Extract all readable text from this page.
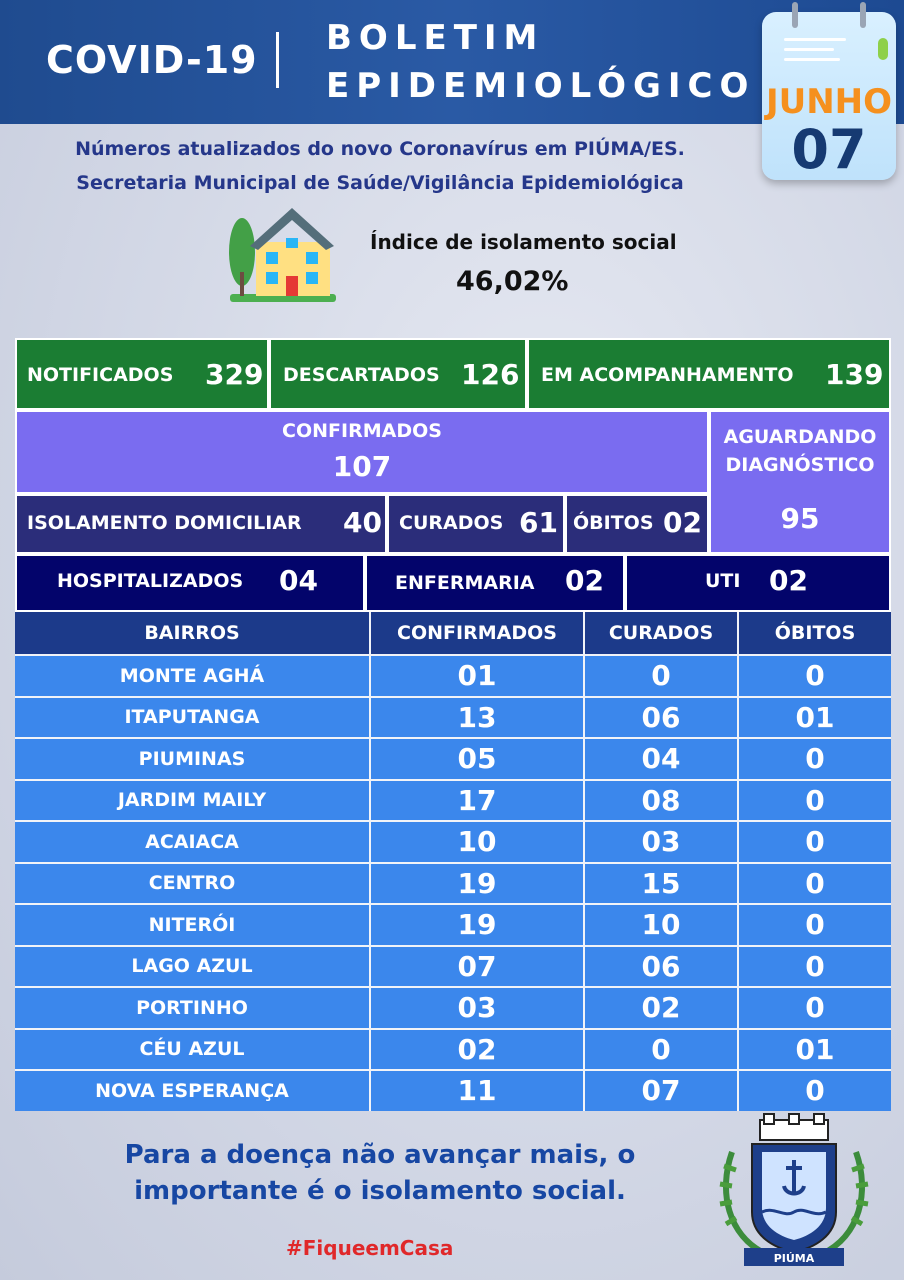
COVID-19 BOLETIM
EPIDEMIOLÓGICO JUNHO
07
Números atualizados do novo Coronavírus em PIÚMA/ES.
Secretaria Municipal de Saúde/Vigilância Epidemiológica
Índice de isolamento social
46,02%
NOTIFICADOS 329 DESCARTADOS 126 EM ACOMPANHAMENTO 139
CONFIRMADOS
107
AGUARDANDO
DIAGNÓSTICO
95
ISOLAMENTO DOMICILIAR 40 CURADOS 61 ÓBITOS 02
HOSPITALIZADOS 04	ENFERMARIA 02	UTI 02
BAIRROS	CONFIRMADOS	CURADOS	ÓBITOS
MONTE AGHÁ	01	0	0
ITAPUTANGA	13	06	01
PIUMINAS	05	04	0
JARDIM MAILY	17	08	0
ACAIACA	10	03	0
CENTRO	19	15	0
NITERÓI	19	10	0
LAGO AZUL	07	06	0
PORTINHO	03	02	0
CÉU AZUL	02	0	01
NOVA ESPERANÇA	11	07	0
Para a doença não avançar mais, o
importante é o isolamento social.
#FiqueemCasa	PIÚMA
